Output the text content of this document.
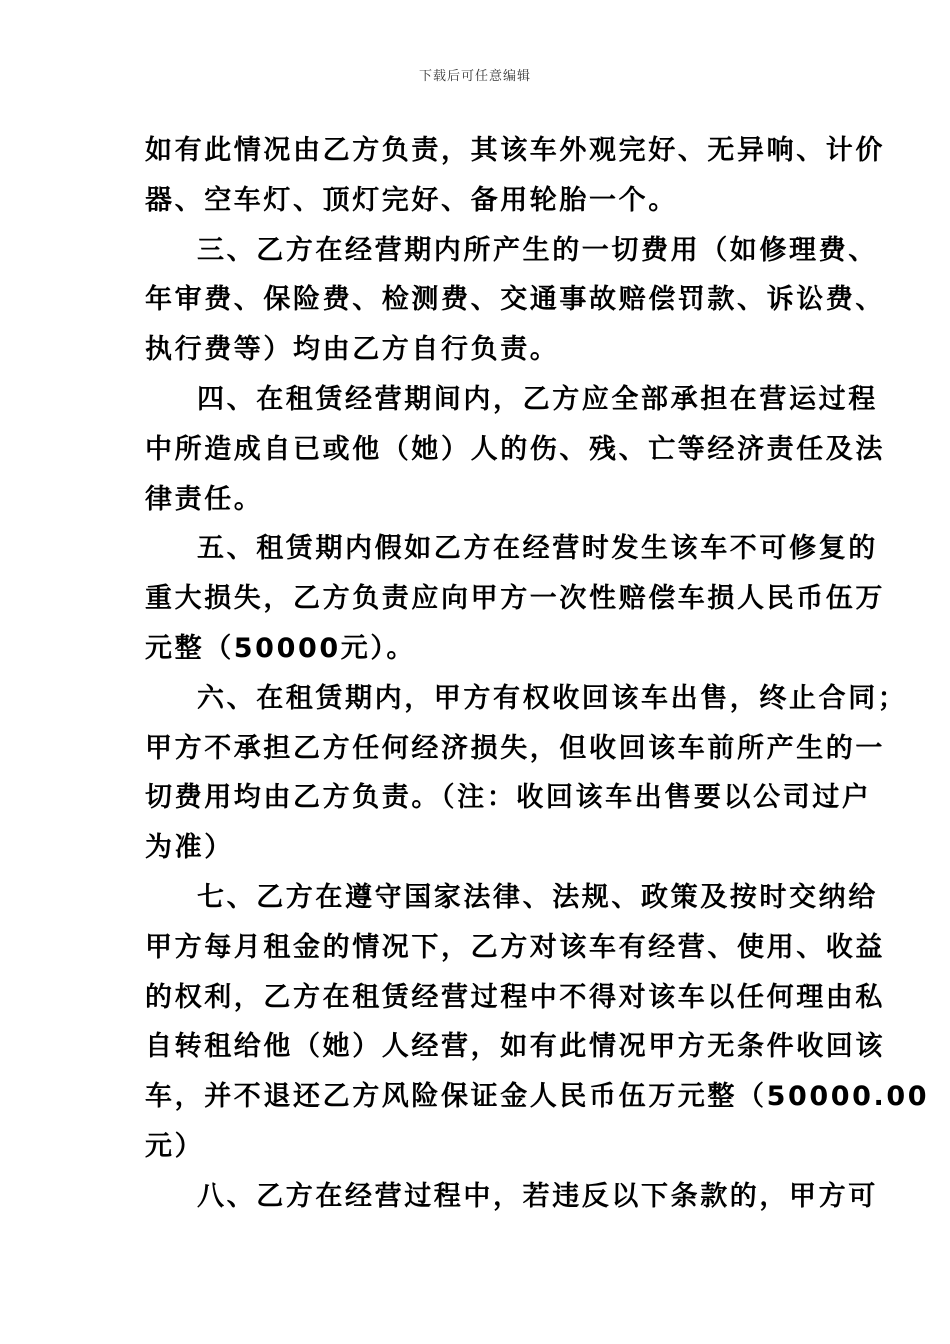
下载后可任意编辑
如有此情况由乙方负责，其该车外观完好、无异响、计价
器、空车灯、顶灯完好、备用轮胎一个。
三、乙方在经营期内所产生的一切费用（如修理费、
年审费、保险费、检测费、交通事故赔偿罚款、诉讼费、
执行费等）均由乙方自行负责。
四、在租赁经营期间内，乙方应全部承担在营运过程
中所造成自已或他（她）人的伤、残、亡等经济责任及法
律责任。
五、租赁期内假如乙方在经营时发生该车不可修复的
重大损失，乙方负责应向甲方一次性赔偿车损人民币伍万
元整（50000元）。
六、在租赁期内，甲方有权收回该车出售，终止合同；
甲方不承担乙方任何经济损失，但收回该车前所产生的一
切费用均由乙方负责。（注：收回该车出售要以公司过户
为准）
七、乙方在遵守国家法律、法规、政策及按时交纳给
甲方每月租金的情况下，乙方对该车有经营、使用、收益
的权利，乙方在租赁经营过程中不得对该车以任何理由私
自转租给他（她）人经营，如有此情况甲方无条件收回该
车，并不退还乙方风险保证金人民币伍万元整（50000.00
元）
八、乙方在经营过程中，若违反以下条款的，甲方可
